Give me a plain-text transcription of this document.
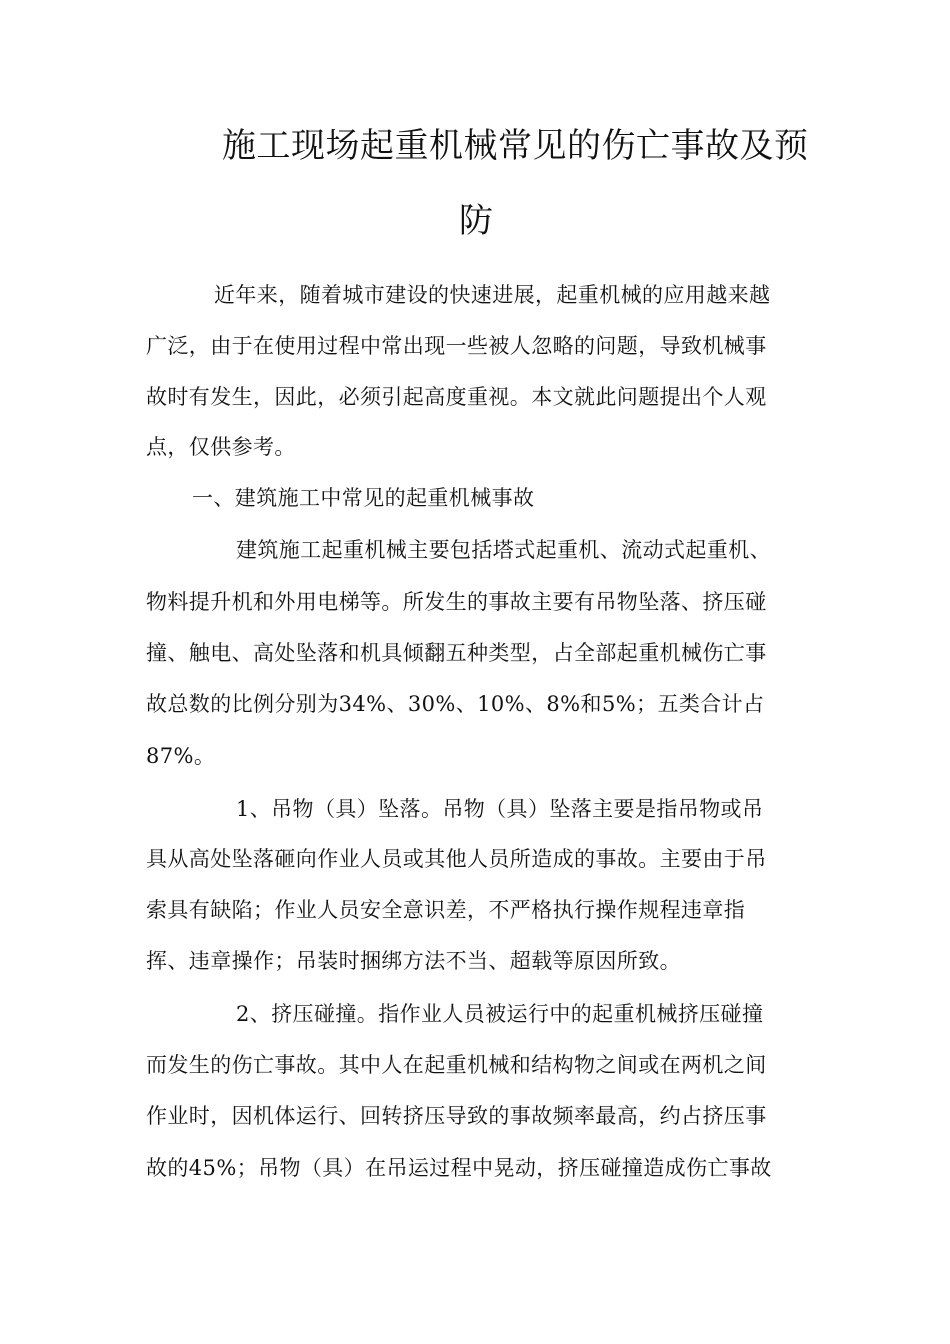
施工现场起重机械常见的伤亡事故及预
防
近年来，随着城市建设的快速进展，起重机械的应用越来越
广泛，由于在使用过程中常出现一些被人忽略的问题，导致机械事
故时有发生，因此，必须引起高度重视。本文就此问题提出个人观
点，仅供参考。
一、建筑施工中常见的起重机械事故
建筑施工起重机械主要包括塔式起重机、流动式起重机、
物料提升机和外用电梯等。所发生的事故主要有吊物坠落、挤压碰
撞、触电、高处坠落和机具倾翻五种类型，占全部起重机械伤亡事
故总数的比例分别为34%、30%、10%、8%和5%；五类合计占
87%。
1、吊物（具）坠落。吊物（具）坠落主要是指吊物或吊
具从高处坠落砸向作业人员或其他人员所造成的事故。主要由于吊
索具有缺陷；作业人员安全意识差，不严格执行操作规程违章指
挥、违章操作；吊装时捆绑方法不当、超载等原因所致。
2、挤压碰撞。指作业人员被运行中的起重机械挤压碰撞
而发生的伤亡事故。其中人在起重机械和结构物之间或在两机之间
作业时，因机体运行、回转挤压导致的事故频率最高，约占挤压事
故的45%；吊物（具）在吊运过程中晃动，挤压碰撞造成伤亡事故
